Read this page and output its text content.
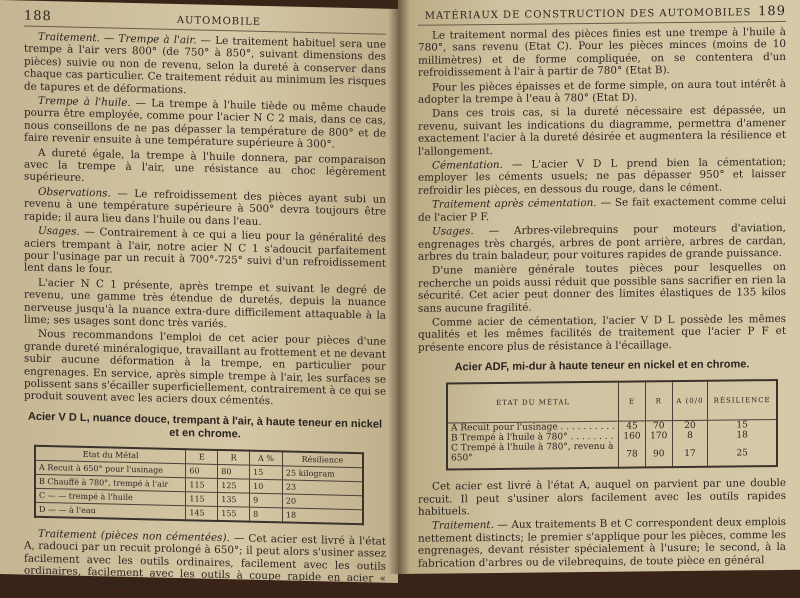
188	AUTOMOBILE

Traitement. — Trempe à l'air. — Le traitement habituel sera une trempe à l'air vers 800° (de 750° à 850°, suivant dimensions des pièces) suivie ou non de revenu, selon la dureté à conserver dans chaque cas particulier. Ce traitement réduit au minimum les risques de tapures et de déformations.

Trempe à l'huile. — La trempe à l'huile tiède ou même chaude pourra être employée, comme pour l'acier N C 2 mais, dans ce cas, nous conseillons de ne pas dépasser la température de 800° et de faire revenir ensuite à une température supérieure à 300°.

A dureté égale, la trempe à l'huile donnera, par comparaison avec la trempe à l'air, une résistance au choc légèrement supérieure.

Observations. — Le refroidissement des pièces ayant subi un revenu à une température supérieure à 500° devra toujours être rapide; il aura lieu dans l'huile ou dans l'eau.

Usages. — Contrairement à ce qui a lieu pour la généralité des aciers trempant à l'air, notre acier N C 1 s'adoucit parfaitement pour l'usinage par un recuit à 700°-725° suivi d'un refroidissement lent dans le four.

L'acier N C 1 présente, après trempe et suivant le degré de revenu, une gamme très étendue de duretés, depuis la nuance nerveuse jusqu'à la nuance extra-dure difficilement attaquable à la lime; ses usages sont donc très variés.

Nous recommandons l'emploi de cet acier pour pièces d'une grande dureté minéralogique, travaillant au frottement et ne devant subir aucune déformation à la trempe, en particulier pour engrenages. En service, après simple trempe à l'air, les surfaces se polissent sans s'écailler superficiellement, contrairement à ce qui se produit souvent avec les aciers doux cémentés.

Acier V D L, nuance douce, trempant à l'air, à haute teneur en nickel et en chrome.
Etat du Métal	E	R	A %	Résilience
A Recuit à 650° pour l'usinage	60	80	15	25 kilogram
B Chauffé à 780°, trempé à l'air	115	125	10	23
C — — trempé à l'huile	115	135	9	20
D — — à l'eau	145	155	8	18

Traitement (pièces non cémentées). — Cet acier est livré à l'état A, radouci par un recuit prolongé à 650°; il peut alors s'usiner assez facilement avec les outils ordinaires, facilement avec les outils ordinaires, facilement avec les outils à coupe rapide en acier « Eclair » ou « Triple Eclair ».

MATÉRIAUX DE CONSTRUCTION DES AUTOMOBILES 189

Le traitement normal des pièces finies est une trempe à l'huile à 780°, sans revenu (Etat C). Pour les pièces minces (moins de 10 millimètres) et de forme compliquée, on se contentera d'un refroidissement à l'air à partir de 780° (Etat B).

Pour les pièces épaisses et de forme simple, on aura tout intérêt à adopter la trempe à l'eau à 780° (Etat D).

Dans ces trois cas, si la dureté nécessaire est dépassée, un revenu, suivant les indications du diagramme, permettra d'amener exactement l'acier à la dureté désirée et augmentera la résilience et l'allongement.

Cémentation. — L'acier V D L prend bien la cémentation; employer les céments usuels; ne pas dépasser 950° et laisser refroidir les pièces, en dessous du rouge, dans le cément.

Traitement après cémentation. — Se fait exactement comme celui de l'acier P F.

Usages. — Arbres-vilebrequins pour moteurs d'aviation, engrenages très chargés, arbres de pont arrière, arbres de cardan, arbres du train baladeur, pour voitures rapides de grande puissance.

D'une manière générale toutes pièces pour lesquelles on recherche un poids aussi réduit que possible sans sacrifier en rien la sécurité. Cet acier peut donner des limites élastiques de 135 kilos sans aucune fragilité.

Comme acier de cémentation, l'acier V D L possède les mêmes qualités et les mêmes facilités de traitement que l'acier P F et présente encore plus de résistance à l'écaillage.

Acier ADF, mi-dur à haute teneur en nickel et en chrome.
ÉTAT DU MÉTAL	E	R	A (0/0	RÉSILIENCE
A Recuit pour l'usinage . . . . . . . . . .	45	70	20	15
B Trempé à l'huile à 780° . . . . . . . .	160	170	8	18
C Trempé à l'huile à 780°, revenu à 650°	78	90	17	25

Cet acier est livré à l'état A, auquel on parvient par une double recuit. Il peut s'usiner alors facilement avec les outils rapides habituels.

Traitement. — Aux traitements B et C correspondent deux emplois nettement distincts; le premier s'applique pour les pièces, comme les engrenages, devant résister spécialement à l'usure; le second, à la fabrication d'arbres ou de vilebrequins, de toute pièce en général
